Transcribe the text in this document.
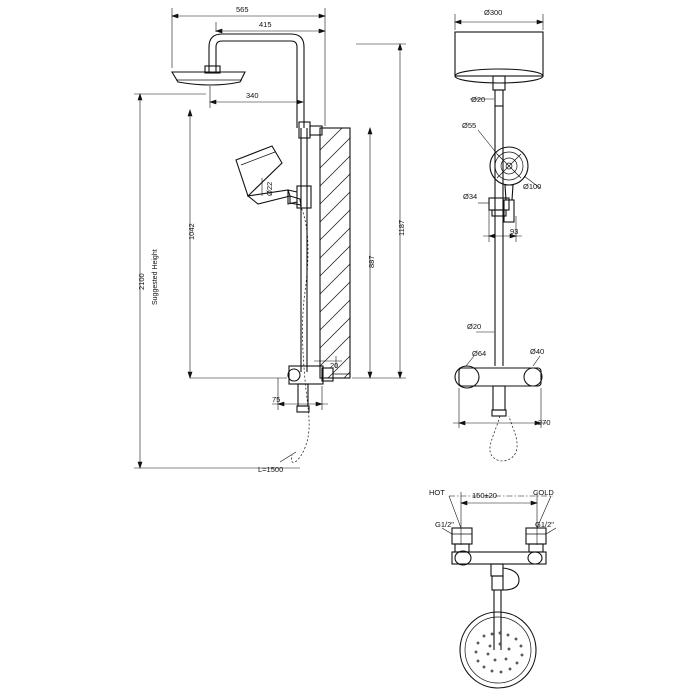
565
415
340
Ø22
1042
2100 Suggested Height
1187
887
20
75
L=1500
Ø300
Ø20
Ø55
Ø100
Ø34
93
Ø20
Ø64	Ø40
270
HOT	COLD
150±20
G1/2"	G1/2"
